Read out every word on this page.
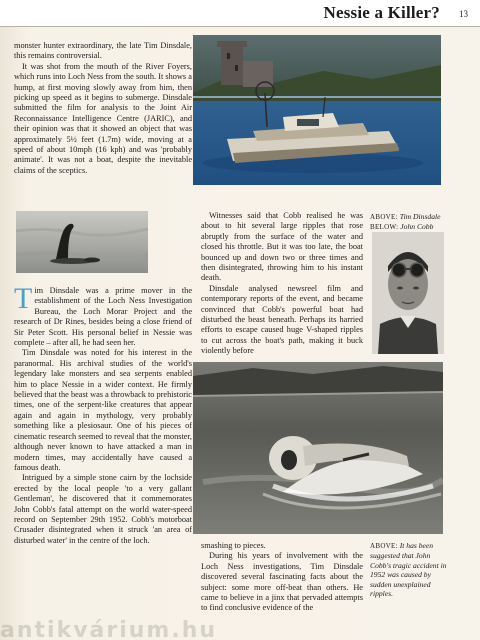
Nessie a Killer? 13

monster hunter extraordinary, the late Tim Dinsdale, this remains controversial.

It was shot from the mouth of the River Foyers, which runs into Loch Ness from the south. It shows a hump, at first moving slowly away from him, then picking up speed as it begins to submerge. Dinsdale submitted the film for analysis to the Joint Air Reconnaissance Intelligence Centre (JARIC), and their opinion was that it showed an object that was approximately 5½ feet (1.7m) wide, moving at a speed of about 10mph (16 kph) and was 'probably animate'. It was not a boat, despite the inevitable claims of the sceptics.

Tim Dinsdale was a prime mover in the establishment of the Loch Ness Investigation Bureau, the Loch Morar Project and the research of Dr Rines, besides being a close friend of Sir Peter Scott. His personal belief in Nessie was complete – after all, he had seen her.

Tim Dinsdale was noted for his interest in the paranormal. His archival studies of the world's legendary lake monsters and sea serpents enabled him to place Nessie in a wider context. He firmly believed that the beast was a throwback to prehistoric times, one of the serpent-like creatures that appear again and again in mythology, very probably something like a plesiosaur. One of his pieces of cinematic research seemed to reveal that the monster, although never known to have attacked a man in modern times, may accidentally have caused a famous death.

Intrigued by a simple stone cairn by the lochside erected by the local people 'to a very gallant Gentleman', he discovered that it commemorates John Cobb's fatal attempt on the world water-speed record on September 29th 1952. Cobb's motorboat Crusader disintegrated when it struck 'an area of disturbed water' in the centre of the loch.

ABOVE: Tim Dinsdale
BELOW: John Cobb

Witnesses said that Cobb realised he was about to hit several large ripples that rose abruptly from the surface of the water and closed his throttle. But it was too late, the boat bounced up and down two or three times and then disintegrated, throwing him to his instant death.

Dinsdale analysed newsreel film and contemporary reports of the event, and became convinced that Cobb's powerful boat had disturbed the beast beneath. Perhaps its harried efforts to escape caused huge V-shaped ripples to cut across the boat's path, making it buck violently before

smashing to pieces.

During his years of involvement with the Loch Ness investigations, Tim Dinsdale discovered several fascinating facts about the subject: some more off-beat than others. He came to believe in a jinx that pervaded attempts to find conclusive evidence of the

ABOVE: It has been suggested that John Cobb's tragic accident in 1952 was caused by sudden unexplained ripples.
antikvárium.hu
